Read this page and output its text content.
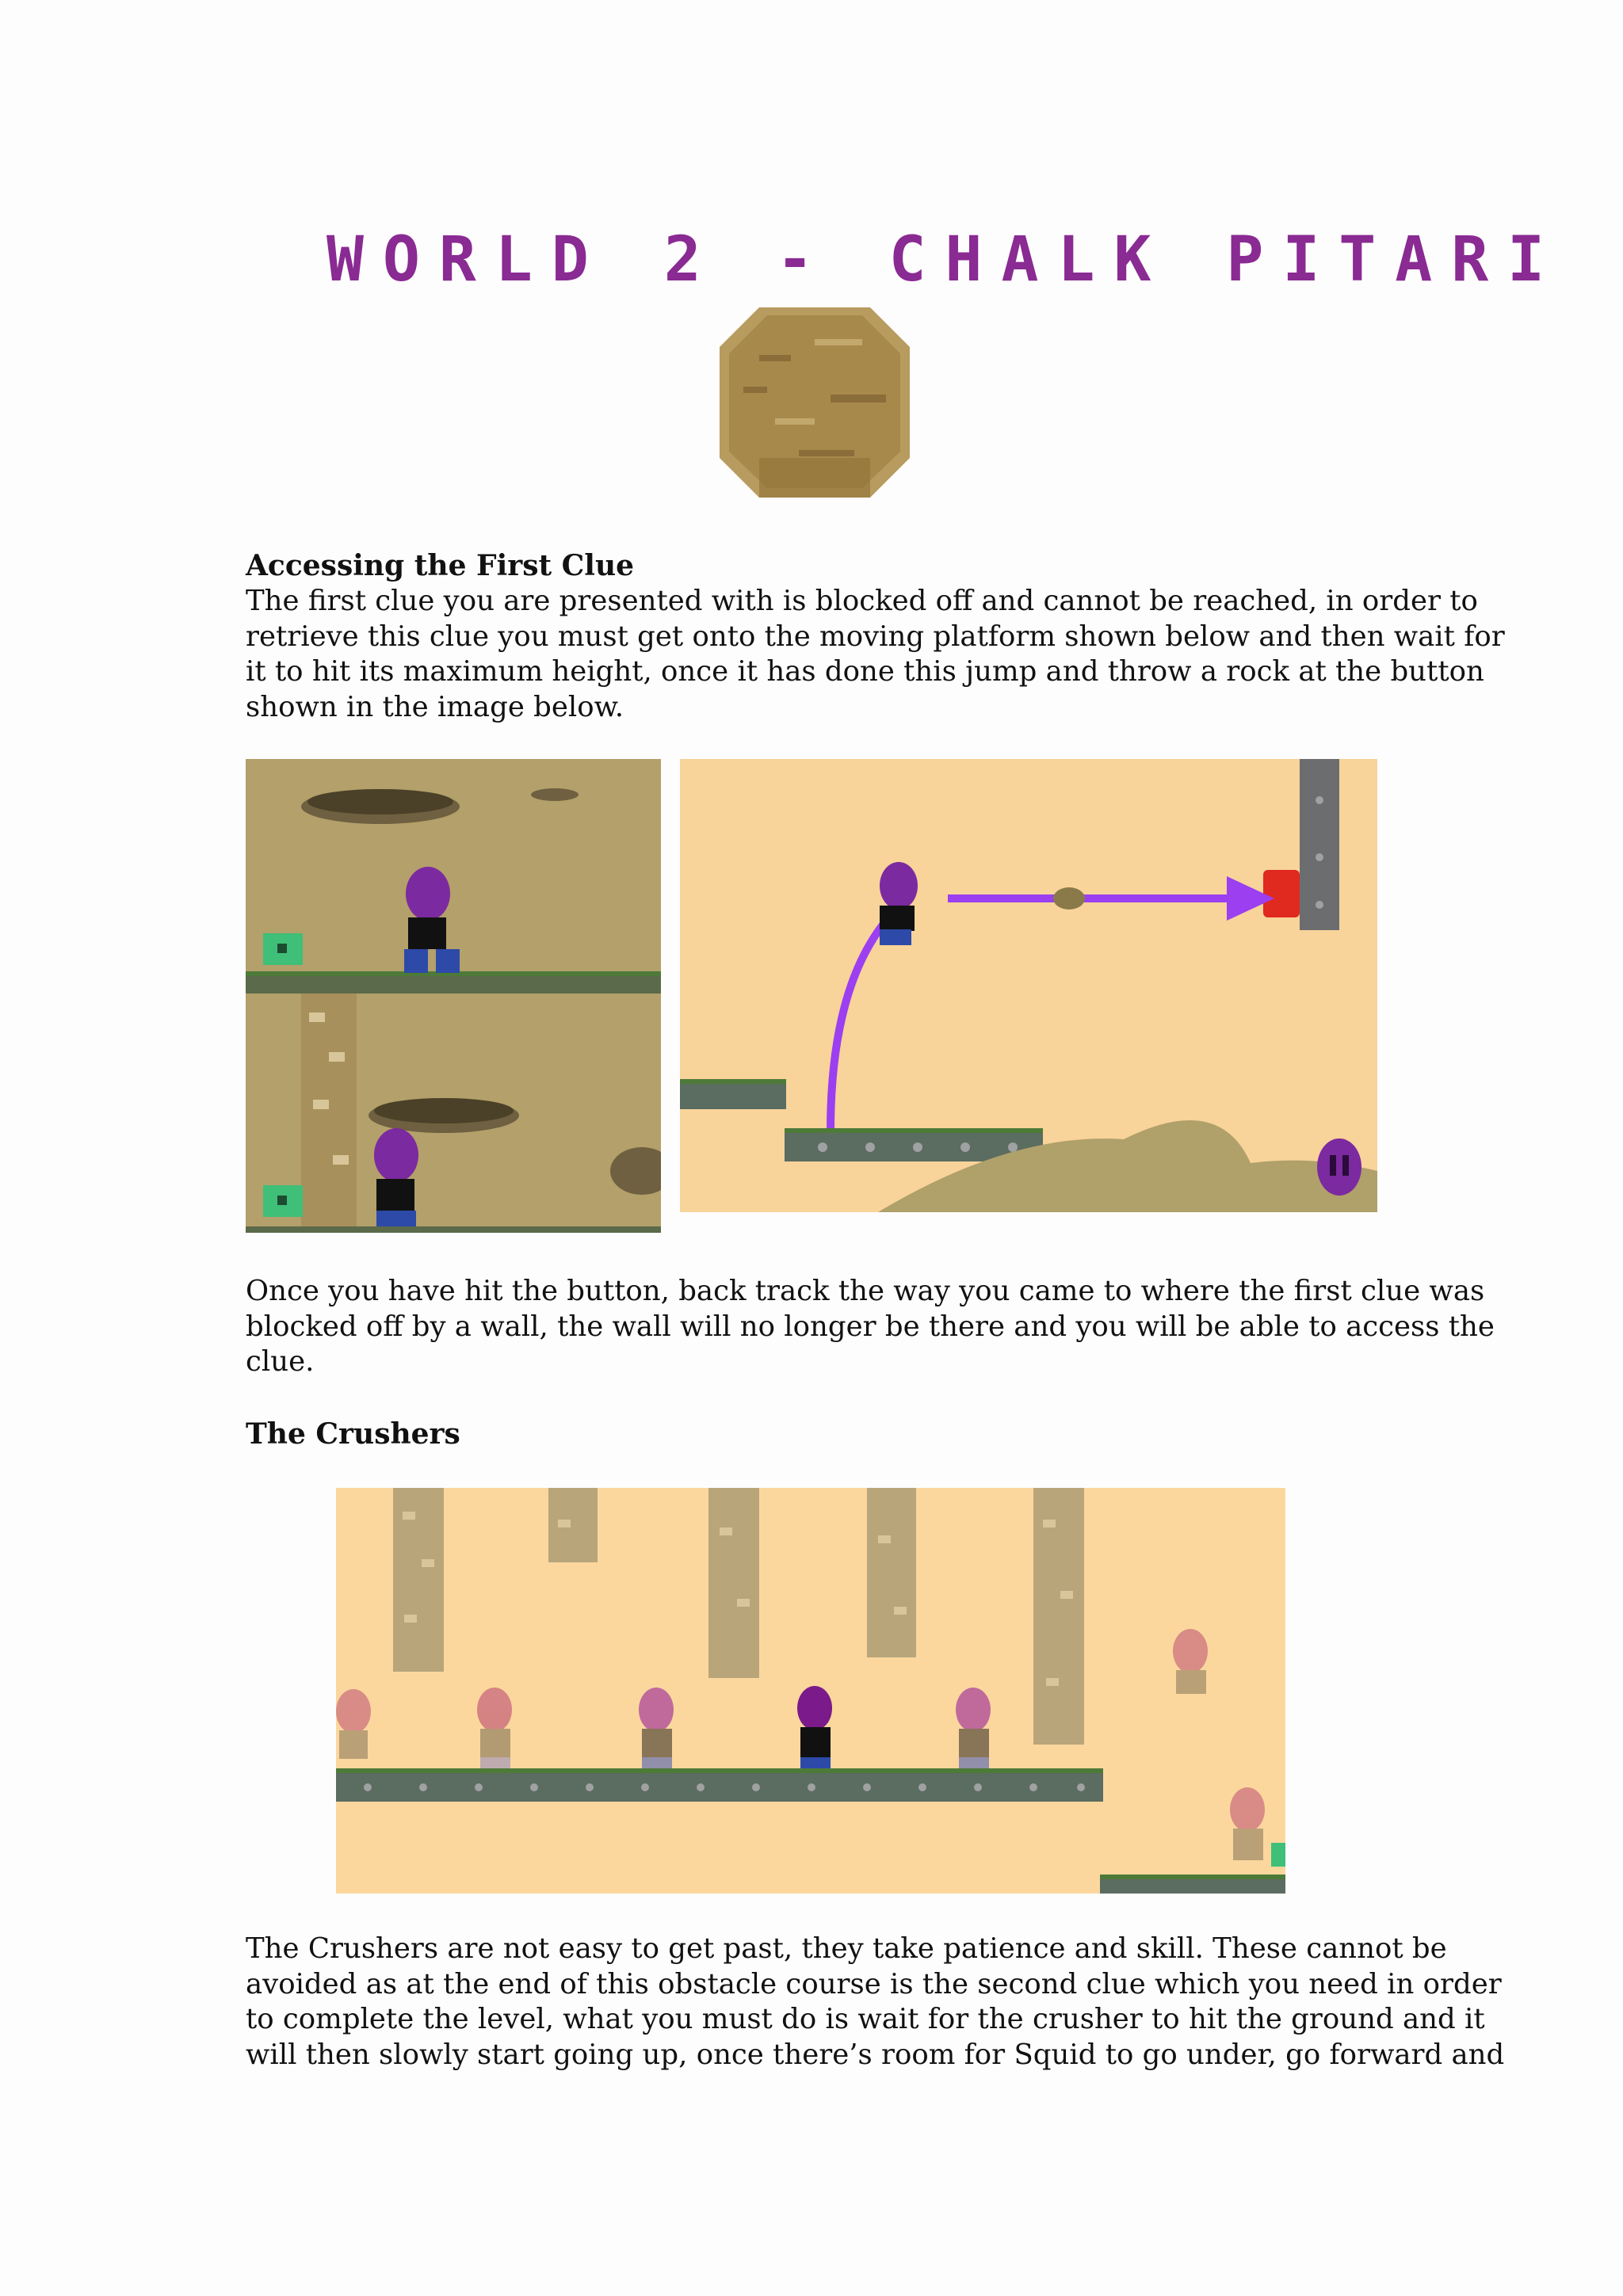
WORLD 2 - CHALK PITARI
Accessing the First Clue
The first clue you are presented with is blocked off and cannot be reached, in order to
retrieve this clue you must get onto the moving platform shown below and then wait for
it to hit its maximum height, once it has done this jump and throw a rock at the button
shown in the image below.
Once you have hit the button, back track the way you came to where the first clue was
blocked off by a wall, the wall will no longer be there and you will be able to access the
clue.
The Crushers
The Crushers are not easy to get past, they take patience and skill. These cannot be
avoided as at the end of this obstacle course is the second clue which you need in order
to complete the level, what you must do is wait for the crusher to hit the ground and it
will then slowly start going up, once there’s room for Squid to go under, go forward and
